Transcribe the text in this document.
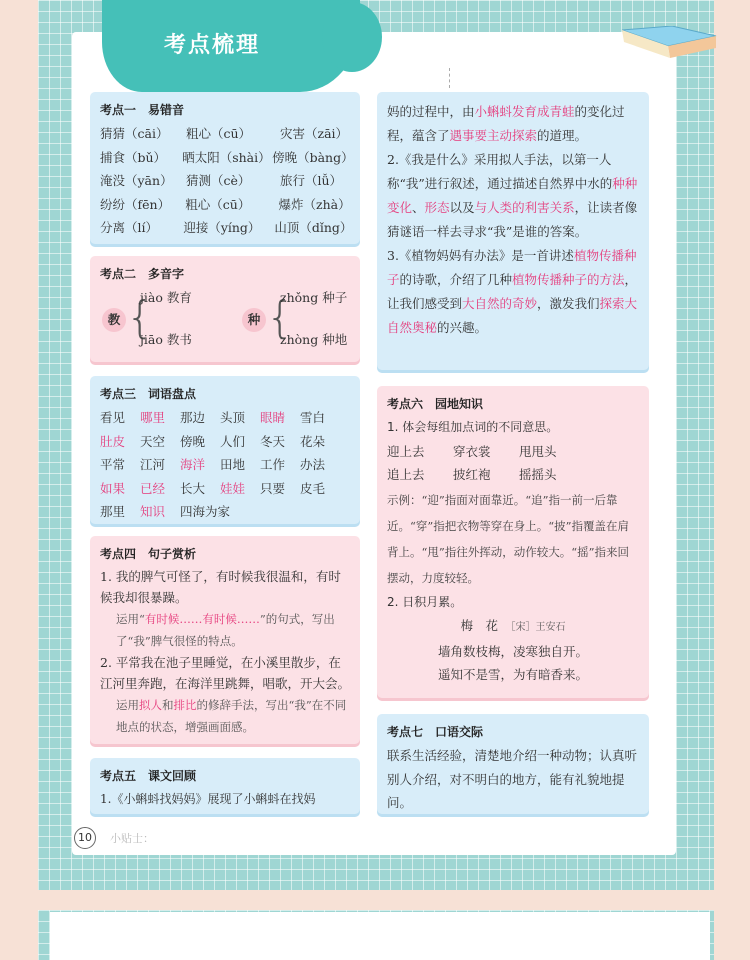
考点梳理
考点一　易错音
猜猜（cāi）	粗心（cū）	灾害（zāi）
捕食（bǔ）	晒太阳（shài） 傍晚（bàng）
淹没（yān）	猜测（cè）	旅行（lǚ）
纷纷（fēn）	粗心（cū）	爆炸（zhà）
分离（lí）	迎接（yíng）	山顶（dǐng）
考点二　多音字
教 {
jiào 教育
jiāo 教书
种 {
zhǒng 种子
zhòng 种地
考点三　词语盘点
看见	哪里	那边	头顶	眼睛	雪白
肚皮	天空	傍晚	人们	冬天	花朵
平常	江河	海洋	田地	工作	办法
如果	已经	长大	娃娃	只要	皮毛
那里	知识	四海为家
考点四　句子赏析
1. 我的脾气可怪了，有时候我很温和，有时候我却很暴躁。
运用“有时候……有时候……”的句式，写出了“我”脾气很怪的特点。
2. 平常我在池子里睡觉，在小溪里散步，在江河里奔跑，在海洋里跳舞，唱歌，开大会。
运用拟人和排比的修辞手法，写出“我”在不同地点的状态，增强画面感。
考点五　课文回顾
1.《小蝌蚪找妈妈》展现了小蝌蚪在找妈
妈的过程中，由小蝌蚪发育成青蛙的变化过程，蕴含了遇事要主动探索的道理。
2.《我是什么》采用拟人手法，以第一人称“我”进行叙述，通过描述自然界中水的种种变化、形态以及与人类的利害关系，让读者像猜谜语一样去寻求“我”是谁的答案。
3.《植物妈妈有办法》是一首讲述植物传播种子的诗歌，介绍了几种植物传播种子的方法，让我们感受到大自然的奇妙，激发我们探索大自然奥秘的兴趣。
考点六　园地知识
1. 体会每组加点词的不同意思。
迎上去	穿衣裳	甩甩头
追上去	披红袍	摇摇头
示例：“迎”指面对面靠近。“追”指一前一后靠近。“穿”指把衣物等穿在身上。“披”指覆盖在肩背上。“甩”指往外挥动，动作较大。“摇”指来回摆动，力度较轻。
2. 日积月累。
梅　花　 ［宋］王安石
墙角数枝梅，凌寒独自开。
遥知不是雪，为有暗香来。
考点七　口语交际
联系生活经验，清楚地介绍一种动物；认真听别人介绍，对不明白的地方，能有礼貌地提问。
10	小贴士：
